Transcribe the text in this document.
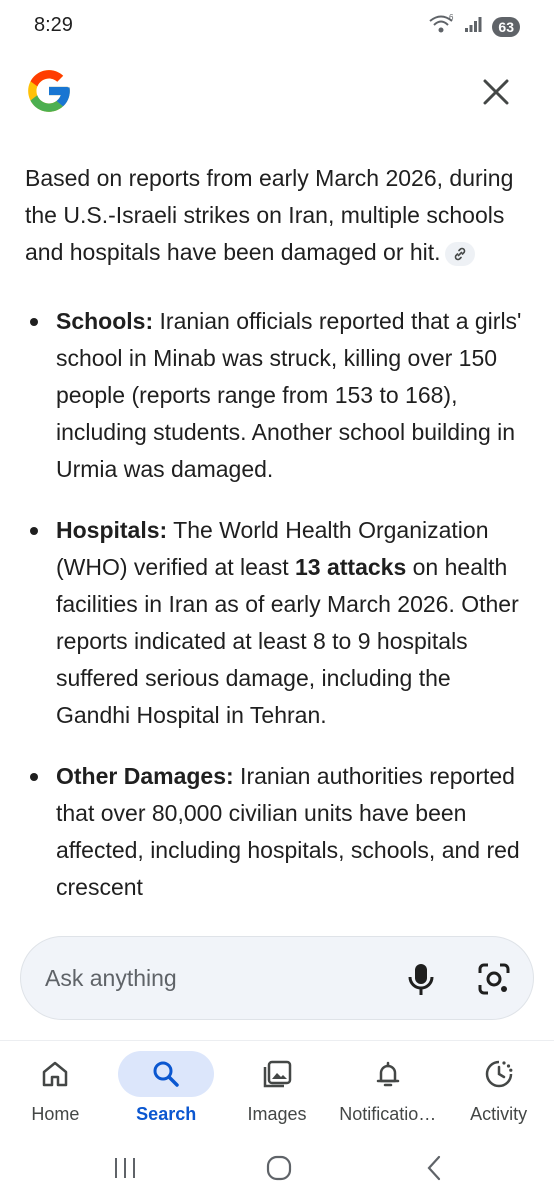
8:29	6
63

Based on reports from early March 2026, during the U.S.-Israeli strikes on Iran, multiple schools and hospitals have been damaged or hit.

Schools: Iranian officials reported that a girls' school in Minab was struck, killing over 150 people (reports range from 153 to 168), including students. Another school building in Urmia was damaged.
Hospitals: The World Health Organization (WHO) verified at least 13 attacks on health facilities in Iran as of early March 2026. Other reports indicated at least 8 to 9 hospitals suffered serious damage, including the Gandhi Hospital in Tehran.
Other Damages: Iranian authorities reported that over 80,000 civilian units have been affected, including hospitals, schools, and red crescent
Ask anything
Home	Search	Images	Notificatio…	Activity
